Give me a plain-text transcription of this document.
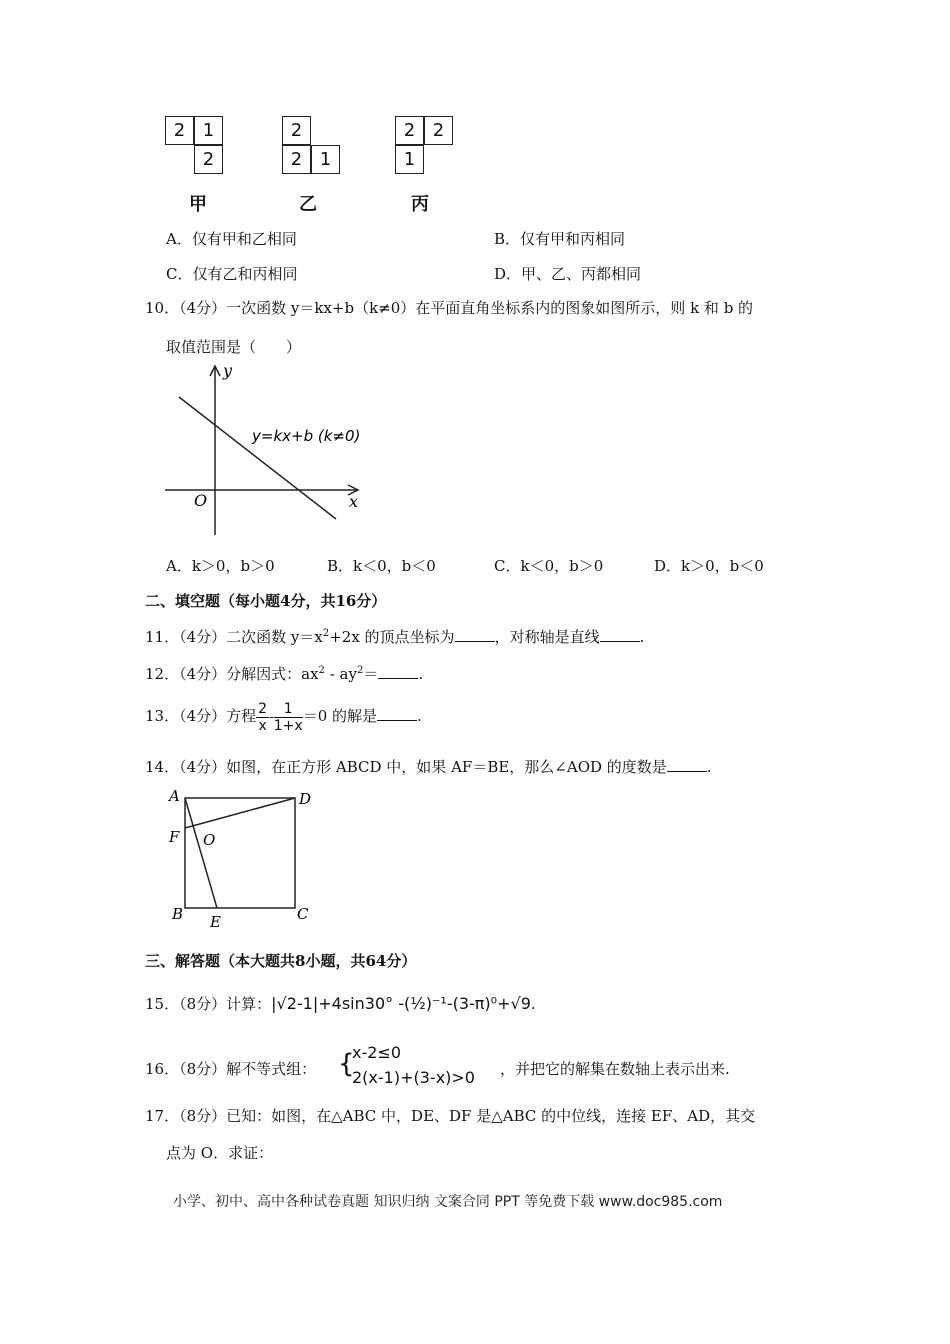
2 1
2
甲
2
2 1
乙
2 2
1
丙
A．仅有甲和乙相同	B．仅有甲和丙相同
C．仅有乙和丙相同	D．甲、乙、丙都相同
10．（4分）一次函数 y＝kx+b（k≠0）在平面直角坐标系内的图象如图所示，则 k 和 b 的
取值范围是（　　）
y
x
O
y=kx+b (k≠0)
A．k＞0，b＞0	B．k＜0，b＜0	C．k＜0，b＞0	D．k＞0，b＜0
二、填空题（每小题4分，共16分）
11．（4分）二次函数 $y=x^2+2x$ 的顶点坐标为	，对称轴是直线	.
12．（4分）分解因式：$ax^2 - ay^2=$	.
13．（4分）方程 $\frac{2}{x} - \frac{1}{1+x} =0$ 的解是	.
14．（4分）如图，在正方形 ABCD 中，如果 AF＝BE，那么∠AOD 的度数是	.
A	D
F O
B E	C
三、解答题（本大题共8小题，共64分）
15．（8分）计算：|√2-1|+4sin30° -(½)⁻¹-(3-π)⁰+√9.
16．（8分）解不等式组： {
x-2≤0
2(x-1)+(3-x)>0 ，并把它的解集在数轴上表示出来.
17．（8分）已知：如图，在△ABC 中，DE、DF 是△ABC 的中位线，连接 EF、AD，其交
点为 O．求证：
小学、初中、高中各种试卷真题 知识归纳 文案合同 PPT 等免费下载 www.doc985.com
